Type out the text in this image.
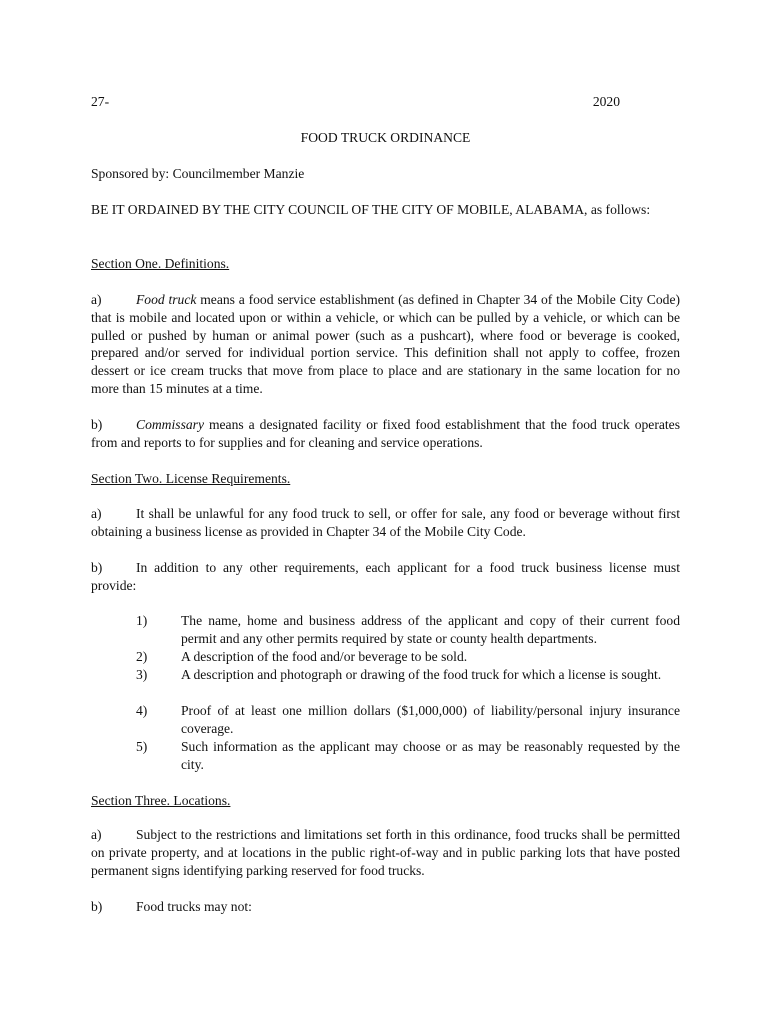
27-	2020
FOOD TRUCK ORDINANCE
Sponsored by: Councilmember Manzie
BE IT ORDAINED BY THE CITY COUNCIL OF THE CITY OF MOBILE, ALABAMA, as follows:
Section One. Definitions.
a)	Food truck means a food service establishment (as defined in Chapter 34 of the Mobile City Code) that is mobile and located upon or within a vehicle, or which can be pulled by a vehicle, or which can be pulled or pushed by human or animal power (such as a pushcart), where food or beverage is cooked, prepared and/or served for individual portion service. This definition shall not apply to coffee, frozen dessert or ice cream trucks that move from place to place and are stationary in the same location for no more than 15 minutes at a time.
b) Commissary means a designated facility or fixed food establishment that the food truck operates from and reports to for supplies and for cleaning and service operations.
Section Two. License Requirements.
a)	It shall be unlawful for any food truck to sell, or offer for sale, any food or beverage without first obtaining a business license as provided in Chapter 34 of the Mobile City Code.
b) In addition to any other requirements, each applicant for a food truck business license must provide:
1)	The name, home and business address of the applicant and copy of their current food permit and any other permits required by state or county health departments.
2)	A description of the food and/or beverage to be sold.
3)	A description and photograph or drawing of the food truck for which a license is sought.
4)	Proof of at least one million dollars ($1,000,000) of liability/personal injury insurance coverage.
5)	Such information as the applicant may choose or as may be reasonably requested by the city.
Section Three. Locations.
a)	Subject to the restrictions and limitations set forth in this ordinance, food trucks shall be permitted on private property, and at locations in the public right-of-way and in public parking lots that have posted permanent signs identifying parking reserved for food trucks.
b) Food trucks may not:
